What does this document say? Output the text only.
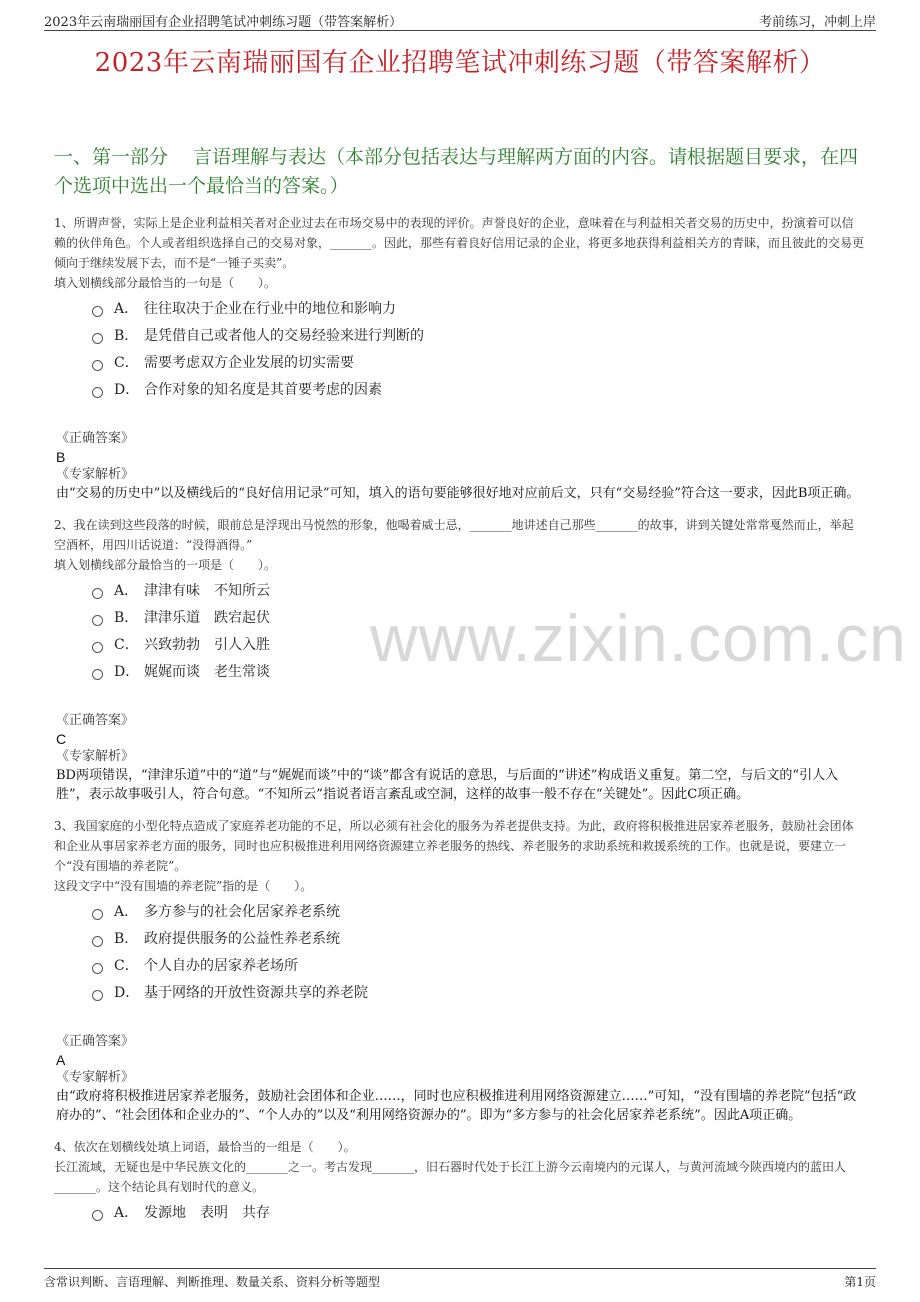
2023年云南瑞丽国有企业招聘笔试冲刺练习题（带答案解析）	考前练习，冲刺上岸
2023年云南瑞丽国有企业招聘笔试冲刺练习题（带答案解析）
一、第一部分　 言语理解与表达（本部分包括表达与理解两方面的内容。请根据题目要求，在四个选项中选出一个最恰当的答案。）
www.zixin.com.cn

1、所谓声誉，实际上是企业利益相关者对企业过去在市场交易中的表现的评价。声誉良好的企业，意味着在与利益相关者交易的历史中，扮演着可以信赖的伙伴角色。个人或者组织选择自己的交易对象，_______。因此，那些有着良好信用记录的企业，将更多地获得利益相关方的青睐，而且彼此的交易更倾向于继续发展下去，而不是“一锤子买卖”。

填入划横线部分最恰当的一句是（　　）。

A． 往往取决于企业在行业中的地位和影响力
B． 是凭借自己或者他人的交易经验来进行判断的
C． 需要考虑双方企业发展的切实需要
D． 合作对象的知名度是其首要考虑的因素

《正确答案》

B

《专家解析》

由“交易的历史中”以及横线后的“良好信用记录”可知，填入的语句要能够很好地对应前后文，只有“交易经验”符合这一要求，因此B项正确。

2、我在读到这些段落的时候，眼前总是浮现出马悦然的形象，他喝着威士忌，_______地讲述自己那些_______的故事，讲到关键处常常戛然而止，举起空酒杯，用四川话说道：“没得酒得。”

填入划横线部分最恰当的一项是（　　）。

A． 津津有味　不知所云
B． 津津乐道　跌宕起伏
C． 兴致勃勃　引人入胜
D． 娓娓而谈　老生常谈

《正确答案》

C

《专家解析》

BD两项错误，“津津乐道”中的“道”与“娓娓而谈”中的“谈”都含有说话的意思，与后面的“讲述”构成语义重复。第二空，与后文的“引人入胜”，表示故事吸引人，符合句意。“不知所云”指说者语言紊乱或空洞，这样的故事一般不存在“关键处”。因此C项正确。

3、我国家庭的小型化特点造成了家庭养老功能的不足，所以必须有社会化的服务为养老提供支持。为此，政府将积极推进居家养老服务，鼓励社会团体和企业从事居家养老方面的服务，同时也应积极推进利用网络资源建立养老服务的热线、养老服务的求助系统和救援系统的工作。也就是说，要建立一个“没有围墙的养老院”。

这段文字中“没有围墙的养老院”指的是（　　）。

A． 多方参与的社会化居家养老系统
B． 政府提供服务的公益性养老系统
C． 个人自办的居家养老场所
D． 基于网络的开放性资源共享的养老院

《正确答案》

A

《专家解析》

由“政府将积极推进居家养老服务，鼓励社会团体和企业……，同时也应积极推进利用网络资源建立……”可知，“没有围墙的养老院”包括“政府办的”、“社会团体和企业办的”、“个人办的”以及“利用网络资源办的”。即为“多方参与的社会化居家养老系统”。因此A项正确。

4、依次在划横线处填上词语，最恰当的一组是（　　）。

长江流域，无疑也是中华民族文化的_______之一。考古发现_______，旧石器时代处于长江上游今云南境内的元谋人，与黄河流域今陕西境内的蓝田人_______。这个结论具有划时代的意义。

A． 发源地　表明　共存
含常识判断、言语理解、判断推理、数量关系、资料分析等题型	第1页
